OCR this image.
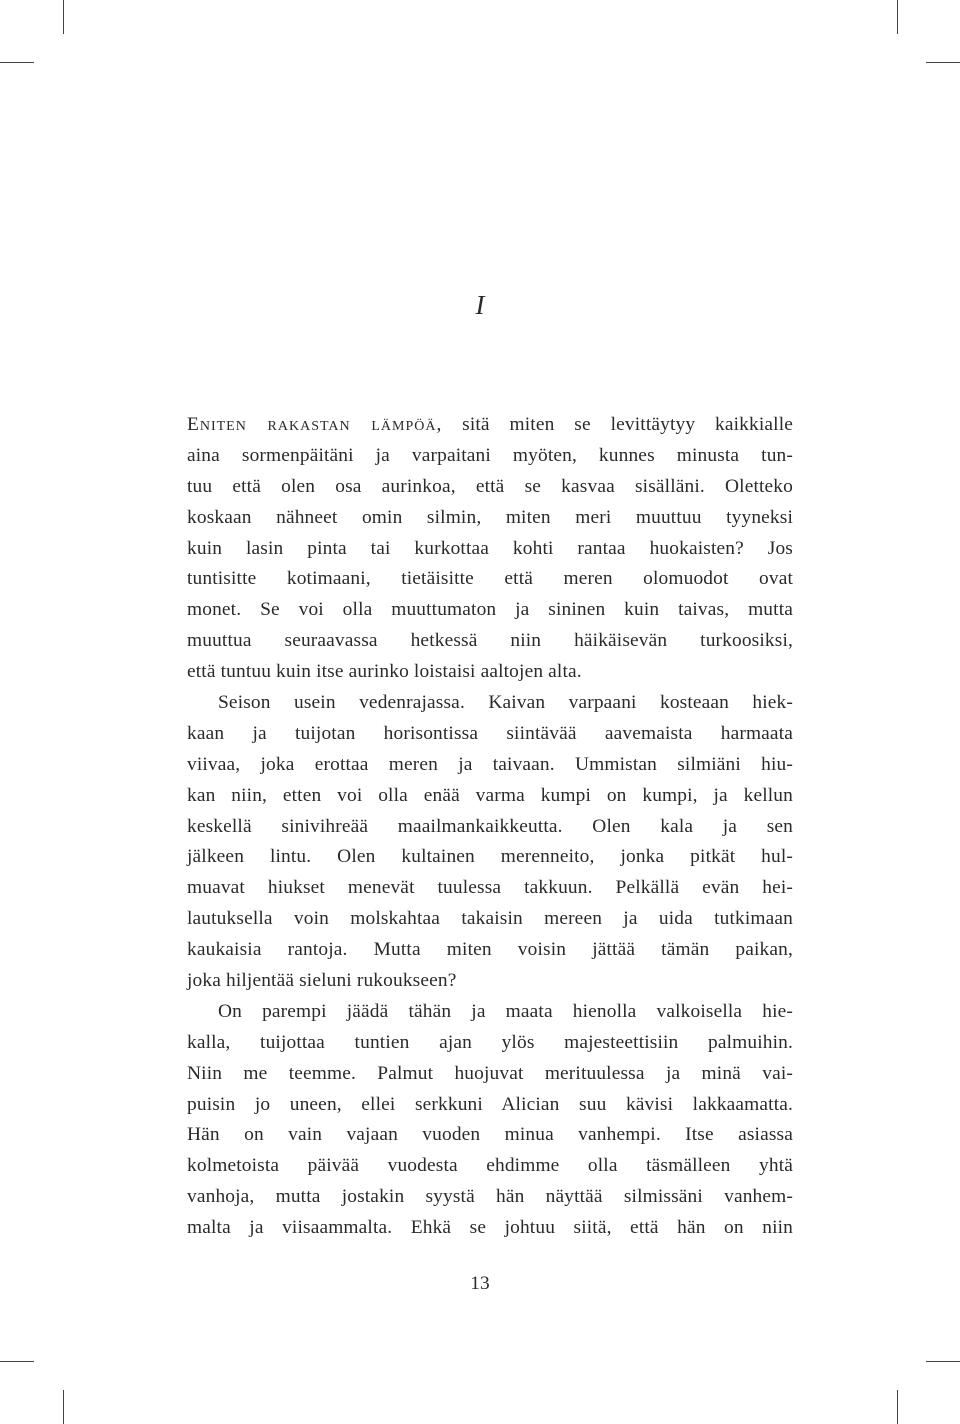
I
Eniten rakastan lämpöä, sitä miten se levittäytyy kaikkialle
aina sormenpäitäni ja varpaitani myöten, kunnes minusta tun-
tuu että olen osa aurinkoa, että se kasvaa sisälläni. Oletteko
koskaan nähneet omin silmin, miten meri muuttuu tyyneksi
kuin lasin pinta tai kurkottaa kohti rantaa huokaisten? Jos
tuntisitte kotimaani, tietäisitte että meren olomuodot ovat
monet. Se voi olla muuttumaton ja sininen kuin taivas, mutta
muuttua seuraavassa hetkessä niin häikäisevän turkoosiksi,
että tuntuu kuin itse aurinko loistaisi aaltojen alta.
Seison usein vedenrajassa. Kaivan varpaani kosteaan hiek-
kaan ja tuijotan horisontissa siintävää aavemaista harmaata
viivaa, joka erottaa meren ja taivaan. Ummistan silmiäni hiu-
kan niin, etten voi olla enää varma kumpi on kumpi, ja kellun
keskellä sinivihreää maailmankaikkeutta. Olen kala ja sen
jälkeen lintu. Olen kultainen merenneito, jonka pitkät hul-
muavat hiukset menevät tuulessa takkuun. Pelkällä evän hei-
lautuksella voin molskahtaa takaisin mereen ja uida tutkimaan
kaukaisia rantoja. Mutta miten voisin jättää tämän paikan,
joka hiljentää sieluni rukoukseen?
On parempi jäädä tähän ja maata hienolla valkoisella hie-
kalla, tuijottaa tuntien ajan ylös majesteettisiin palmuihin.
Niin me teemme. Palmut huojuvat merituulessa ja minä vai-
puisin jo uneen, ellei serkkuni Alician suu kävisi lakkaamatta.
Hän on vain vajaan vuoden minua vanhempi. Itse asiassa
kolmetoista päivää vuodesta ehdimme olla täsmälleen yhtä
vanhoja, mutta jostakin syystä hän näyttää silmissäni vanhem-
malta ja viisaammalta. Ehkä se johtuu siitä, että hän on niin
13
